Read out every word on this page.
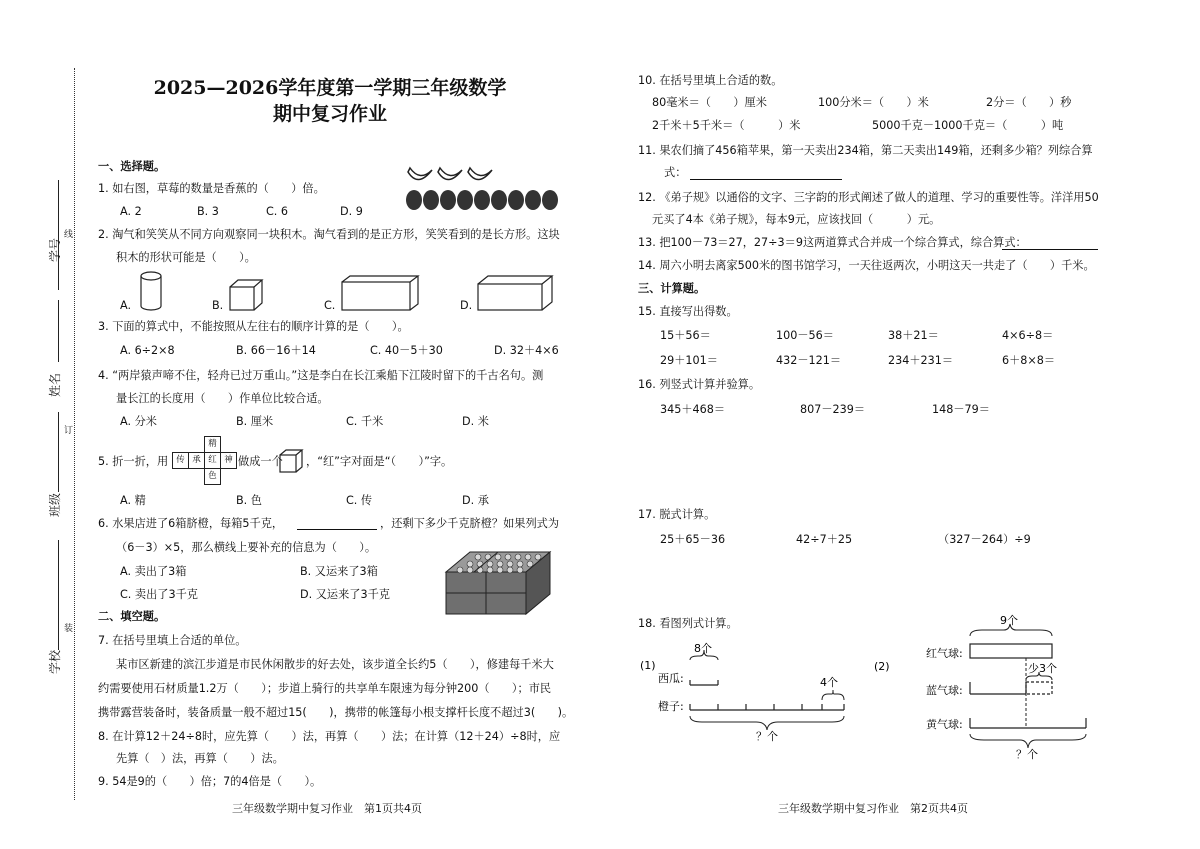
学号
姓名
班级
学校
线
订
装
2025—2026学年度第一学期三年级数学
期中复习作业
一、选择题。
1. 如右图，草莓的数量是香蕉的（　　）倍。
A. 2	B. 3	C. 6	D. 9
2. 淘气和笑笑从不同方向观察同一块积木。淘气看到的是正方形，笑笑看到的是长方形。这块
积木的形状可能是（　　）。
A.	B.	C.	D.
3. 下面的算式中，不能按照从左往右的顺序计算的是（　　）。
A. 6÷2×8	B. 66－16＋14	C. 40－5＋30	D. 32＋4×6
4. “两岸猿声啼不住，轻舟已过万重山。”这是李白在长江乘船下江陵时留下的千古名句。测
量长江的长度用（　　）作单位比较合适。
A. 分米	B. 厘米	C. 千米	D. 米
5. 折一折，用
精
传 承 红 神
色
做成一个 ，“红”字对面是“（　　）”字。
A. 精	B. 色	C. 传	D. 承
6. 水果店进了6箱脐橙，每箱5千克，	，还剩下多少千克脐橙？如果列式为
（6－3）×5，那么横线上要补充的信息为（　　）。
A. 卖出了3箱	B. 又运来了3箱
C. 卖出了3千克	D. 又运来了3千克
二、填空题。
7. 在括号里填上合适的单位。
某市区新建的滨江步道是市民休闲散步的好去处，该步道全长约5（　　），修建每千米大
约需要使用石材质量1.2万（　　）；步道上骑行的共享单车限速为每分钟200（　　）；市民
携带露营装备时，装备质量一般不超过15(　　)，携带的帐篷每小根支撑杆长度不超过3(　　)。
8. 在计算12＋24÷8时，应先算（　　）法，再算（　　）法；在计算（12＋24）÷8时，应
先算（　）法，再算（　　）法。
9. 54是9的（　　）倍；7的4倍是（　　）。
三年级数学期中复习作业　第1页共4页
10. 在括号里填上合适的数。
80毫米＝（　　）厘米	100分米＝（　　）米	2分＝（　　）秒
2千米＋5千米＝（　　　）米	5000千克－1000千克＝（　　　）吨
11. 果农们摘了456箱苹果，第一天卖出234箱，第二天卖出149箱，还剩多少箱？列综合算
式：
12. 《弟子规》以通俗的文字、三字韵的形式阐述了做人的道理、学习的重要性等。洋洋用50
元买了4本《弟子规》，每本9元，应该找回（　　　）元。
13. 把100－73＝27，27÷3＝9这两道算式合并成一个综合算式，综合算式：
14. 周六小明去离家500米的图书馆学习，一天往返两次，小明这天一共走了（　　）千米。
三、计算题。
15. 直接写出得数。
15＋56＝	100－56＝	38＋21＝	4×6÷8＝
29＋101＝	432－121＝	234＋231＝	6＋8×8＝
16. 列竖式计算并验算。
345＋468＝	807－239＝	148－79＝
17. 脱式计算。
25＋65－36	42÷7＋25	（327－264）÷9
18. 看图列式计算。
(1)
西瓜:
橙子:
8个
4个
？个
(2)
9个
红气球:
少3个
蓝气球:
黄气球:
？个
三年级数学期中复习作业　第2页共4页
